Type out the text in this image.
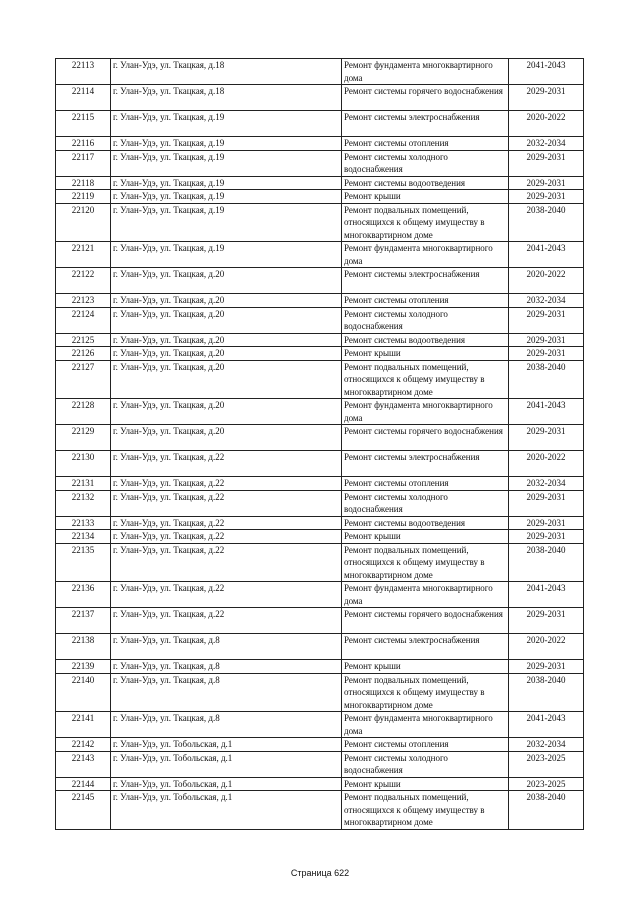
22113	г. Улан-Удэ, ул. Ткацкая, д.18	Ремонт фундамента многоквартирного дома	2041-2043
22114	г. Улан-Удэ, ул. Ткацкая, д.18	Ремонт системы горячего водоснабжения	2029-2031
22115	г. Улан-Удэ, ул. Ткацкая, д.19	Ремонт системы электроснабжения	2020-2022
22116	г. Улан-Удэ, ул. Ткацкая, д.19	Ремонт системы отопления	2032-2034
22117	г. Улан-Удэ, ул. Ткацкая, д.19	Ремонт системы холодного водоснабжения	2029-2031
22118	г. Улан-Удэ, ул. Ткацкая, д.19	Ремонт системы водоотведения	2029-2031
22119	г. Улан-Удэ, ул. Ткацкая, д.19	Ремонт крыши	2029-2031
22120	г. Улан-Удэ, ул. Ткацкая, д.19	Ремонт подвальных помещений, относящихся к общему имуществу в многоквартирном доме	2038-2040
22121	г. Улан-Удэ, ул. Ткацкая, д.19	Ремонт фундамента многоквартирного дома	2041-2043
22122	г. Улан-Удэ, ул. Ткацкая, д.20	Ремонт системы электроснабжения	2020-2022
22123	г. Улан-Удэ, ул. Ткацкая, д.20	Ремонт системы отопления	2032-2034
22124	г. Улан-Удэ, ул. Ткацкая, д.20	Ремонт системы холодного водоснабжения	2029-2031
22125	г. Улан-Удэ, ул. Ткацкая, д.20	Ремонт системы водоотведения	2029-2031
22126	г. Улан-Удэ, ул. Ткацкая, д.20	Ремонт крыши	2029-2031
22127	г. Улан-Удэ, ул. Ткацкая, д.20	Ремонт подвальных помещений, относящихся к общему имуществу в многоквартирном доме	2038-2040
22128	г. Улан-Удэ, ул. Ткацкая, д.20	Ремонт фундамента многоквартирного дома	2041-2043
22129	г. Улан-Удэ, ул. Ткацкая, д.20	Ремонт системы горячего водоснабжения	2029-2031
22130	г. Улан-Удэ, ул. Ткацкая, д.22	Ремонт системы электроснабжения	2020-2022
22131	г. Улан-Удэ, ул. Ткацкая, д.22	Ремонт системы отопления	2032-2034
22132	г. Улан-Удэ, ул. Ткацкая, д.22	Ремонт системы холодного водоснабжения	2029-2031
22133	г. Улан-Удэ, ул. Ткацкая, д.22	Ремонт системы водоотведения	2029-2031
22134	г. Улан-Удэ, ул. Ткацкая, д.22	Ремонт крыши	2029-2031
22135	г. Улан-Удэ, ул. Ткацкая, д.22	Ремонт подвальных помещений, относящихся к общему имуществу в многоквартирном доме	2038-2040
22136	г. Улан-Удэ, ул. Ткацкая, д.22	Ремонт фундамента многоквартирного дома	2041-2043
22137	г. Улан-Удэ, ул. Ткацкая, д.22	Ремонт системы горячего водоснабжения	2029-2031
22138	г. Улан-Удэ, ул. Ткацкая, д.8	Ремонт системы электроснабжения	2020-2022
22139	г. Улан-Удэ, ул. Ткацкая, д.8	Ремонт крыши	2029-2031
22140	г. Улан-Удэ, ул. Ткацкая, д.8	Ремонт подвальных помещений, относящихся к общему имуществу в многоквартирном доме	2038-2040
22141	г. Улан-Удэ, ул. Ткацкая, д.8	Ремонт фундамента многоквартирного дома	2041-2043
22142	г. Улан-Удэ, ул. Тобольская, д.1	Ремонт системы отопления	2032-2034
22143	г. Улан-Удэ, ул. Тобольская, д.1	Ремонт системы холодного водоснабжения	2023-2025
22144	г. Улан-Удэ, ул. Тобольская, д.1	Ремонт крыши	2023-2025
22145	г. Улан-Удэ, ул. Тобольская, д.1	Ремонт подвальных помещений, относящихся к общему имуществу в многоквартирном доме	2038-2040
Страница 622
